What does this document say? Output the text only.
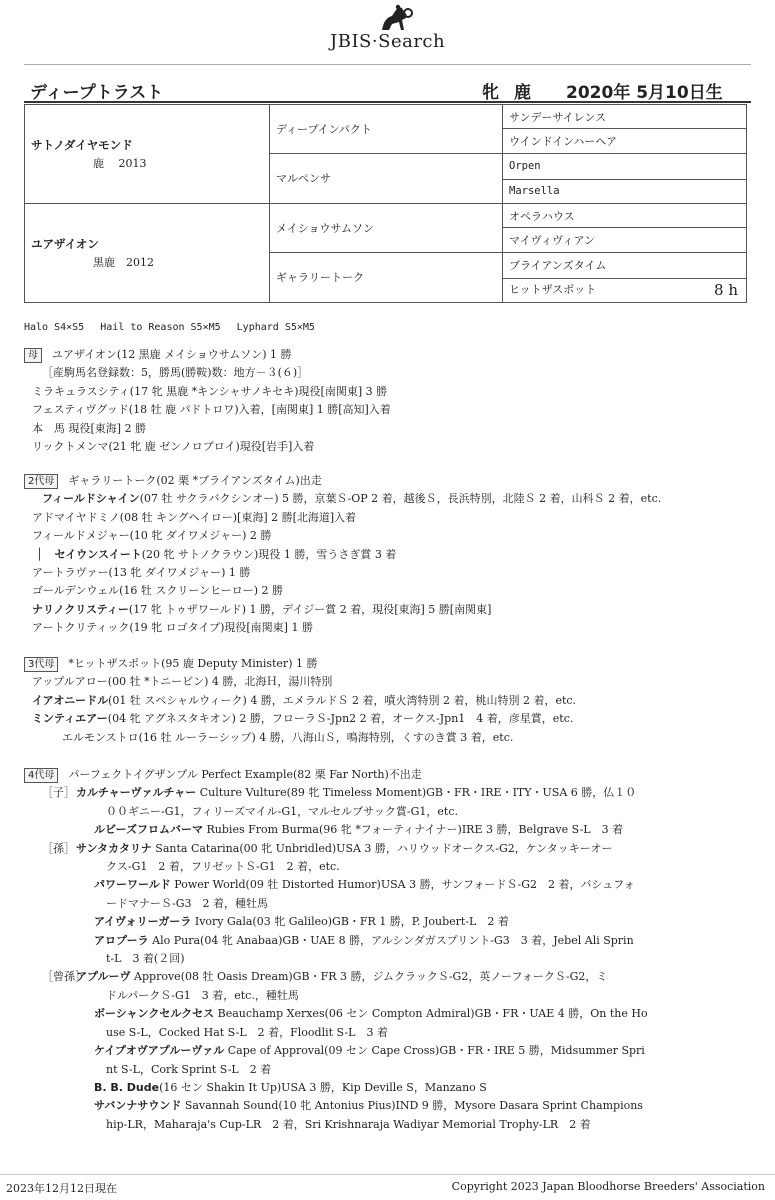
JBIS·Search
ディープトラスト	牝 鹿 2020年 5月10日生
サトノダイヤモンド
鹿　 2013	ディープインパクト	サンデーサイレンス
		ウインドインハーヘア
	マルペンサ	Orpen
		Marsella

ユアザイオン
黒鹿　2012	メイショウサムソン	オペラハウス
		マイヴィヴィアン
	ギャラリートーク	ブライアンズタイム
		ヒットザスポット 8 h
Halo S4×S5　 Hail to Reason S5×M5　 Lyphard S5×M5
母 ユアザイオン(12 黒鹿 メイショウサムソン) 1 勝
［産駒馬名登録数：5，勝馬(勝鞍)数：地方－３(６)］
ミラキュラスシティ(17 牝 黒鹿 *キンシャサノキセキ)現役[南関東] 3 勝
フェスティヴグッド(18 牡 鹿 パドトロワ)入着，[南関東] 1 勝[高知]入着
本　馬 現役[東海] 2 勝
リックトメンマ(21 牝 鹿 ゼンノロブロイ)現役[岩手]入着
2代母 ギャラリートーク(02 栗 *ブライアンズタイム)出走
フィールドシャイン(07 牡 サクラバクシンオー) 5 勝，京葉Ｓ-OP 2 着，越後Ｓ，長浜特別，北陸Ｓ 2 着，山科Ｓ 2 着，etc.
アドマイヤドミノ(08 牡 キングヘイロー)[東海] 2 勝[北海道]入着
フィールドメジャー(10 牝 ダイワメジャー) 2 勝
│ セイウンスイート(20 牝 サトノクラウン)現役 1 勝，雪うさぎ賞 3 着
アートラヴァー(13 牝 ダイワメジャー) 1 勝
ゴールデンウェル(16 牡 スクリーンヒーロー) 2 勝
ナリノクリスティー(17 牝 トゥザワールド) 1 勝，デイジー賞 2 着，現役[東海] 5 勝[南関東]
アートクリティック(19 牝 ロゴタイプ)現役[南関東] 1 勝
3代母 *ヒットザスポット(95 鹿 Deputy Minister) 1 勝
アップルアロー(00 牡 *トニービン) 4 勝，北海Ｈ，湯川特別
イアオニードル(01 牡 スペシャルウィーク) 4 勝，エメラルドＳ 2 着，噴火湾特別 2 着，桃山特別 2 着，etc.
ミンティエアー(04 牝 アグネスタキオン) 2 勝，フローラＳ-Jpn2 2 着，オークス-Jpn1　4 着，彦星賞，etc.
エルモンストロ(16 牡 ルーラーシップ) 4 勝，八海山Ｓ，鳴海特別，くすのき賞 3 着，etc.
4代母 パーフェクトイグザンプル Perfect Example(82 栗 Far North)不出走
［子］カルチャーヴァルチャー Culture Vulture(89 牝 Timeless Moment)GB・FR・IRE・ITY・USA 6 勝，仏１０
００ギニー-G1，フィリーズマイル-G1，マルセルブサック賞-G1，etc.
ルビーズフロムバーマ Rubies From Burma(96 牝 *フォーティナイナー)IRE 3 勝，Belgrave S-L　3 着
［孫］サンタカタリナ Santa Catarina(00 牝 Unbridled)USA 3 勝，ハリウッドオークス-G2，ケンタッキーオー
クス-G1　2 着，フリゼットＳ-G1　2 着，etc.
パワーワールド Power World(09 牡 Distorted Humor)USA 3 勝，サンフォードＳ-G2　2 着，バシュフォ
ードマナーＳ-G3　2 着，種牡馬
アイヴォリーガーラ Ivory Gala(03 牝 Galileo)GB・FR 1 勝，P. Joubert-L　2 着
アロプーラ Alo Pura(04 牝 Anabaa)GB・UAE 8 勝，アルシンダガスプリント-G3　3 着，Jebel Ali Sprin
t-L　3 着(２回)
［曾孫］アプルーヴ Approve(08 牡 Oasis Dream)GB・FR 3 勝，ジムクラックＳ-G2，英ノーフォークＳ-G2，ミ
ドルパークＳ-G1　3 着，etc.，種牡馬
ボーシャンクセルクセス Beauchamp Xerxes(06 セン Compton Admiral)GB・FR・UAE 4 勝，On the Ho
use S-L，Cocked Hat S-L　2 着，Floodlit S-L　3 着
ケイプオヴアプルーヴァル Cape of Approval(09 セン Cape Cross)GB・FR・IRE 5 勝，Midsummer Spri
nt S-L，Cork Sprint S-L　2 着
B. B. Dude(16 セン Shakin It Up)USA 3 勝，Kip Deville S，Manzano S
サバンナサウンド Savannah Sound(10 牝 Antonius Pius)IND 9 勝，Mysore Dasara Sprint Champions
hip-LR，Maharaja's Cup-LR　2 着，Sri Krishnaraja Wadiyar Memorial Trophy-LR　2 着
2023年12月12日現在	Copyright 2023 Japan Bloodhorse Breeders' Association
